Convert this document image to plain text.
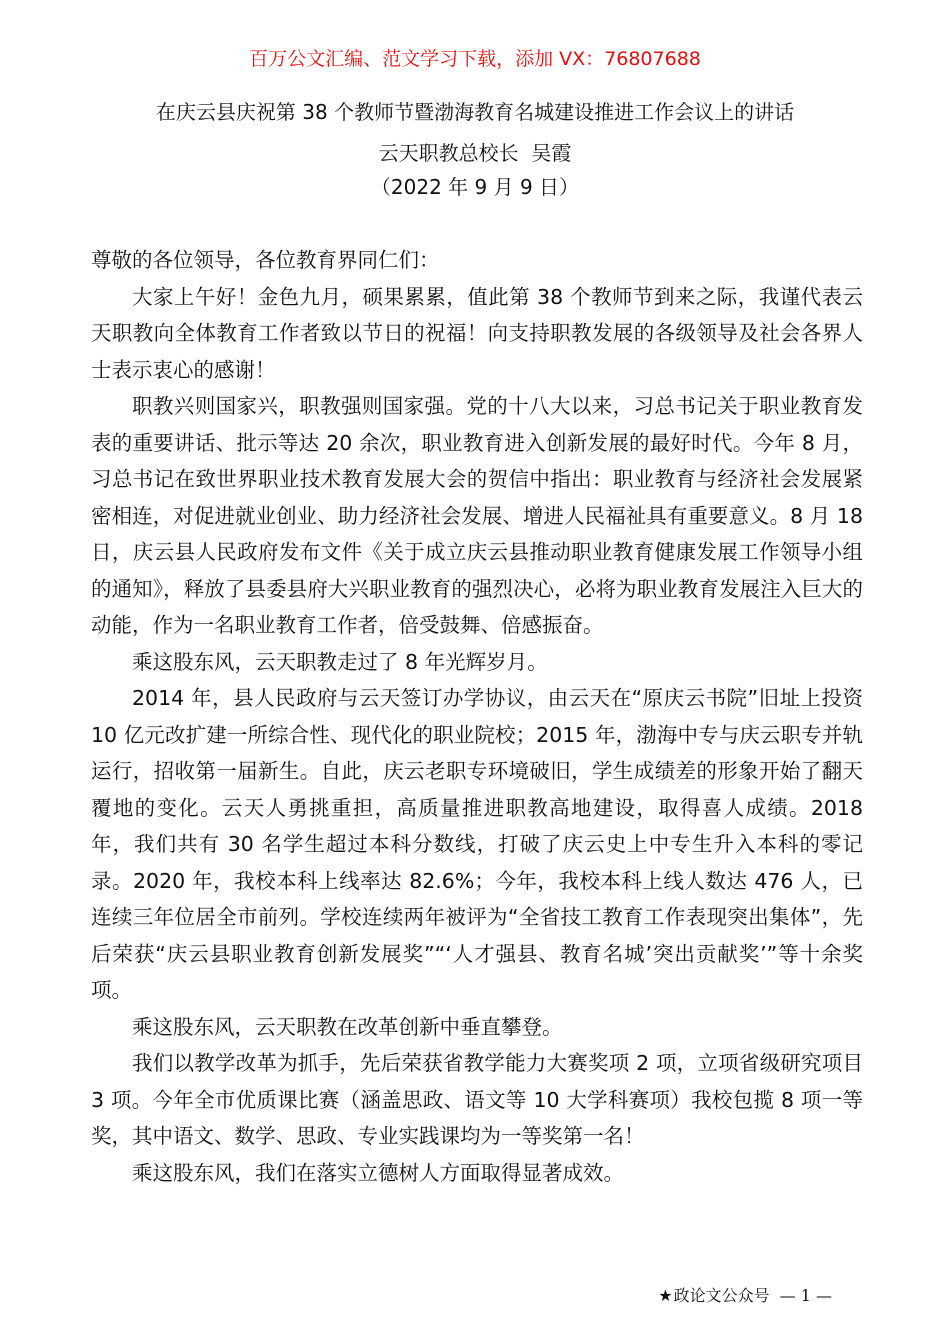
百万公文汇编、范文学习下载，添加 VX：76807688
在庆云县庆祝第 38 个教师节暨渤海教育名城建设推进工作会议上的讲话
云天职教总校长  吴霞
（2022 年 9 月 9 日）

尊敬的各位领导，各位教育界同仁们：

大家上午好！金色九月，硕果累累，值此第 38 个教师节到来之际，我谨代表云天职教向全体教育工作者致以节日的祝福！向支持职教发展的各级领导及社会各界人士表示衷心的感谢！

职教兴则国家兴，职教强则国家强。党的十八大以来，习总书记关于职业教育发表的重要讲话、批示等达 20 余次，职业教育进入创新发展的最好时代。今年 8 月，习总书记在致世界职业技术教育发展大会的贺信中指出：职业教育与经济社会发展紧密相连，对促进就业创业、助力经济社会发展、增进人民福祉具有重要意义。8 月 18 日，庆云县人民政府发布文件《关于成立庆云县推动职业教育健康发展工作领导小组的通知》，释放了县委县府大兴职业教育的强烈决心，必将为职业教育发展注入巨大的动能，作为一名职业教育工作者，倍受鼓舞、倍感振奋。

乘这股东风，云天职教走过了 8 年光辉岁月。

2014 年，县人民政府与云天签订办学协议，由云天在“原庆云书院”旧址上投资 10 亿元改扩建一所综合性、现代化的职业院校；2015 年，渤海中专与庆云职专并轨运行，招收第一届新生。自此，庆云老职专环境破旧，学生成绩差的形象开始了翻天覆地的变化。云天人勇挑重担，高质量推进职教高地建设，取得喜人成绩。2018 年，我们共有 30 名学生超过本科分数线，打破了庆云史上中专生升入本科的零记录。2020 年，我校本科上线率达 82.6%；今年，我校本科上线人数达 476 人，已连续三年位居全市前列。学校连续两年被评为“全省技工教育工作表现突出集体”，先后荣获“庆云县职业教育创新发展奖”“‘人才强县、教育名城’突出贡献奖’”等十余奖项。

乘这股东风，云天职教在改革创新中垂直攀登。

我们以教学改革为抓手，先后荣获省教学能力大赛奖项 2 项，立项省级研究项目 3 项。今年全市优质课比赛（涵盖思政、语文等 10 大学科赛项）我校包揽 8 项一等奖，其中语文、数学、思政、专业实践课均为一等奖第一名！

乘这股东风，我们在落实立德树人方面取得显著成效。

★政论文公众号 — 1 —
